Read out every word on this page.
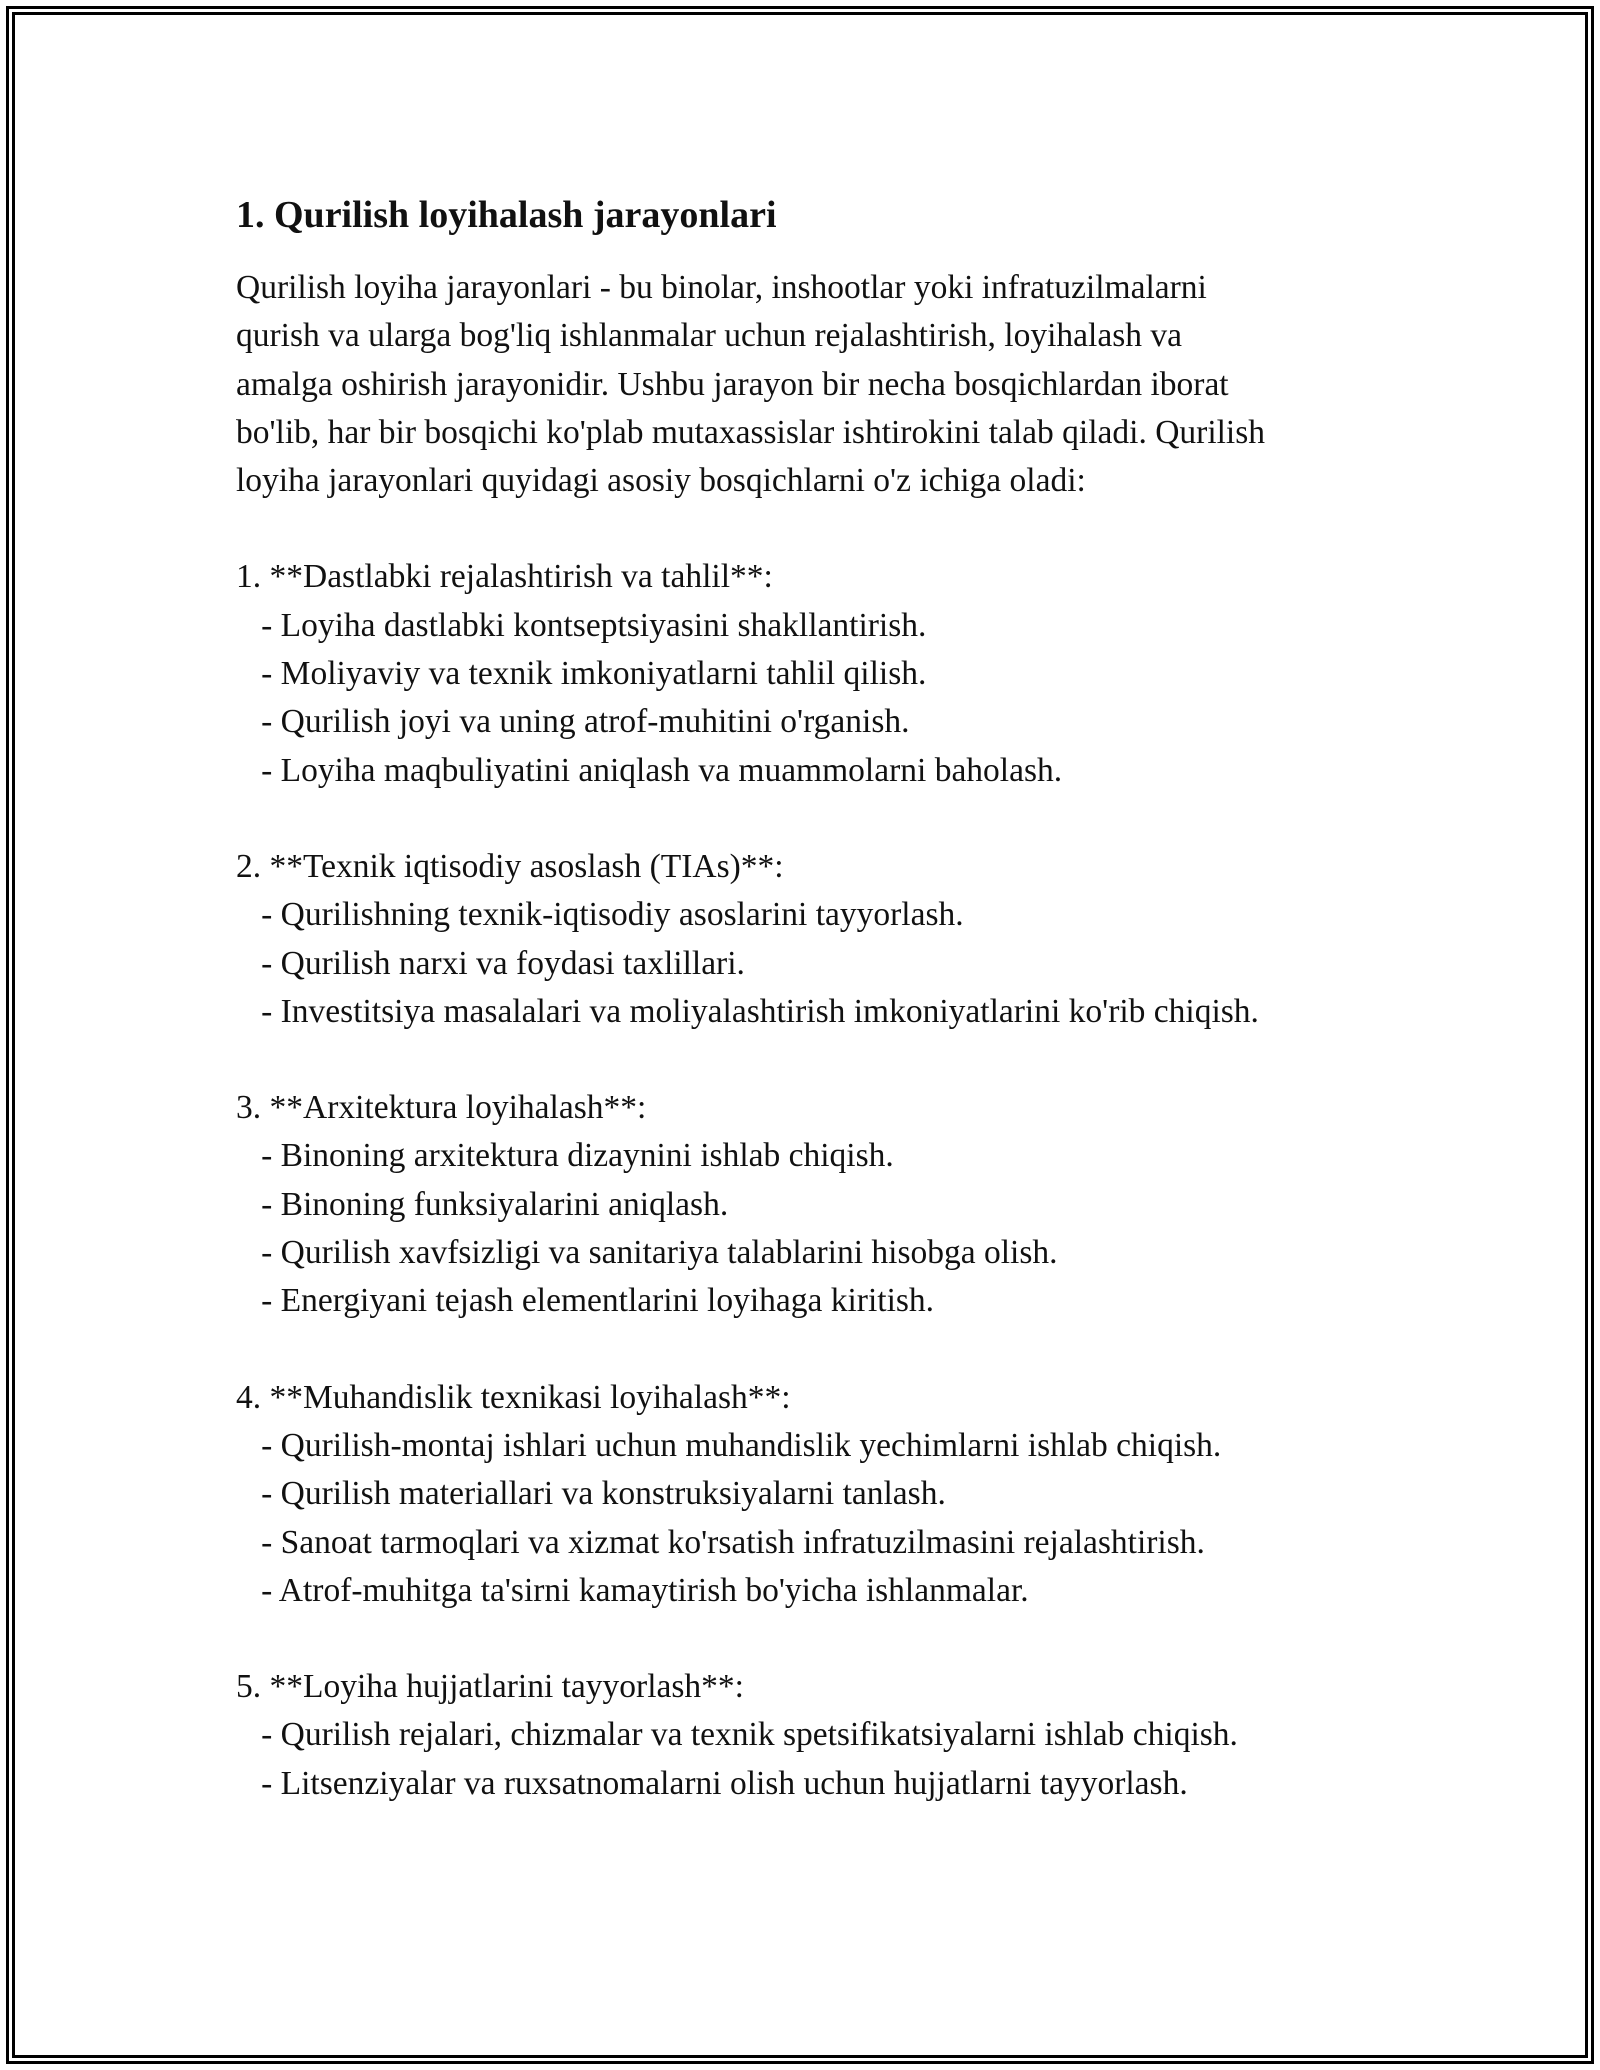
1. Qurilish loyihalash jarayonlari

Qurilish loyiha jarayonlari - bu binolar, inshootlar yoki infratuzilmalarni

qurish va ularga bog'liq ishlanmalar uchun rejalashtirish, loyihalash va

amalga oshirish jarayonidir. Ushbu jarayon bir necha bosqichlardan iborat

bo'lib, har bir bosqichi ko'plab mutaxassislar ishtirokini talab qiladi. Qurilish

loyiha jarayonlari quyidagi asosiy bosqichlarni o'z ichiga oladi:

1. **Dastlabki rejalashtirish va tahlil**:

- Loyiha dastlabki kontseptsiyasini shakllantirish.

- Moliyaviy va texnik imkoniyatlarni tahlil qilish.

- Qurilish joyi va uning atrof-muhitini o'rganish.

- Loyiha maqbuliyatini aniqlash va muammolarni baholash.

2. **Texnik iqtisodiy asoslash (TIAs)**:

- Qurilishning texnik-iqtisodiy asoslarini tayyorlash.

- Qurilish narxi va foydasi taxlillari.

- Investitsiya masalalari va moliyalashtirish imkoniyatlarini ko'rib chiqish.

3. **Arxitektura loyihalash**:

- Binoning arxitektura dizaynini ishlab chiqish.

- Binoning funksiyalarini aniqlash.

- Qurilish xavfsizligi va sanitariya talablarini hisobga olish.

- Energiyani tejash elementlarini loyihaga kiritish.

4. **Muhandislik texnikasi loyihalash**:

- Qurilish-montaj ishlari uchun muhandislik yechimlarni ishlab chiqish.

- Qurilish materiallari va konstruksiyalarni tanlash.

- Sanoat tarmoqlari va xizmat ko'rsatish infratuzilmasini rejalashtirish.

- Atrof-muhitga ta'sirni kamaytirish bo'yicha ishlanmalar.

5. **Loyiha hujjatlarini tayyorlash**:

- Qurilish rejalari, chizmalar va texnik spetsifikatsiyalarni ishlab chiqish.

- Litsenziyalar va ruxsatnomalarni olish uchun hujjatlarni tayyorlash.
